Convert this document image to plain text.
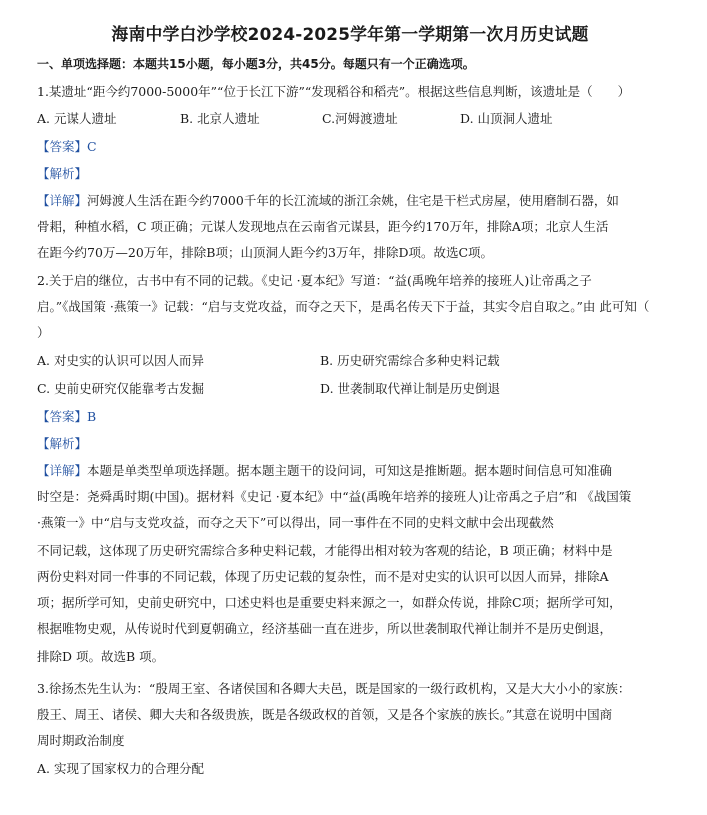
海南中学白沙学校2024-2025学年第一学期第一次月历史试题
一、单项选择题：本题共15小题，每小题3分，共45分。每题只有一个正确选项。
1.某遗址“距今约7000-5000年”“位于长江下游”“发现稻谷和稻壳”。根据这些信息判断，该遗址是（　　）
A. 元谋人遗址	B. 北京人遗址	C.河姆渡遗址	D. 山顶洞人遗址
【答案】C
【解析】
【详解】河姆渡人生活在距今约7000千年的长江流域的浙江余姚，住宅是干栏式房屋，使用磨制石器，如
骨耜，种植水稻，C 项正确；元谋人发现地点在云南省元谋县，距今约170万年，排除A项；北京人生活
在距今约70万—20万年，排除B项；山顶洞人距今约3万年，排除D项。故选C项。
2.关于启的继位，古书中有不同的记载。《史记 ·夏本纪》写道：“益(禹晚年培养的接班人)让帝禹之子
启。”《战国策 ·燕策一》记载：“启与支党攻益，而夺之天下，是禹名传天下于益，其实令启自取之。”由 此可知（
）
A. 对史实的认识可以因人而异	B. 历史研究需综合多种史料记载
C. 史前史研究仅能靠考古发掘	D. 世袭制取代禅让制是历史倒退
【答案】B
【解析】
【详解】本题是单类型单项选择题。据本题主题干的设问词，可知这是推断题。据本题时间信息可知准确
时空是：尧舜禹时期(中国)。据材料《史记 ·夏本纪》中“益(禹晚年培养的接班人)让帝禹之子启”和 《战国策
·燕策一》中“启与支党攻益，而夺之天下”可以得出，同一事件在不同的史料文献中会出现截然
不同记载，这体现了历史研究需综合多种史料记载，才能得出相对较为客观的结论，B 项正确；材料中是
两份史料对同一件事的不同记载，体现了历史记载的复杂性，而不是对史实的认识可以因人而异，排除A
项；据所学可知，史前史研究中，口述史料也是重要史料来源之一，如群众传说，排除C项；据所学可知，
根据唯物史观，从传说时代到夏朝确立，经济基础一直在进步，所以世袭制取代禅让制并不是历史倒退，
排除D 项。故选B 项。
3.徐扬杰先生认为：“殷周王室、各诸侯国和各卿大夫邑，既是国家的一级行政机构，又是大大小小的家族：
殷王、周王、诸侯、卿大夫和各级贵族，既是各级政权的首领，又是各个家族的族长。”其意在说明中国商
周时期政治制度
A. 实现了国家权力的合理分配
